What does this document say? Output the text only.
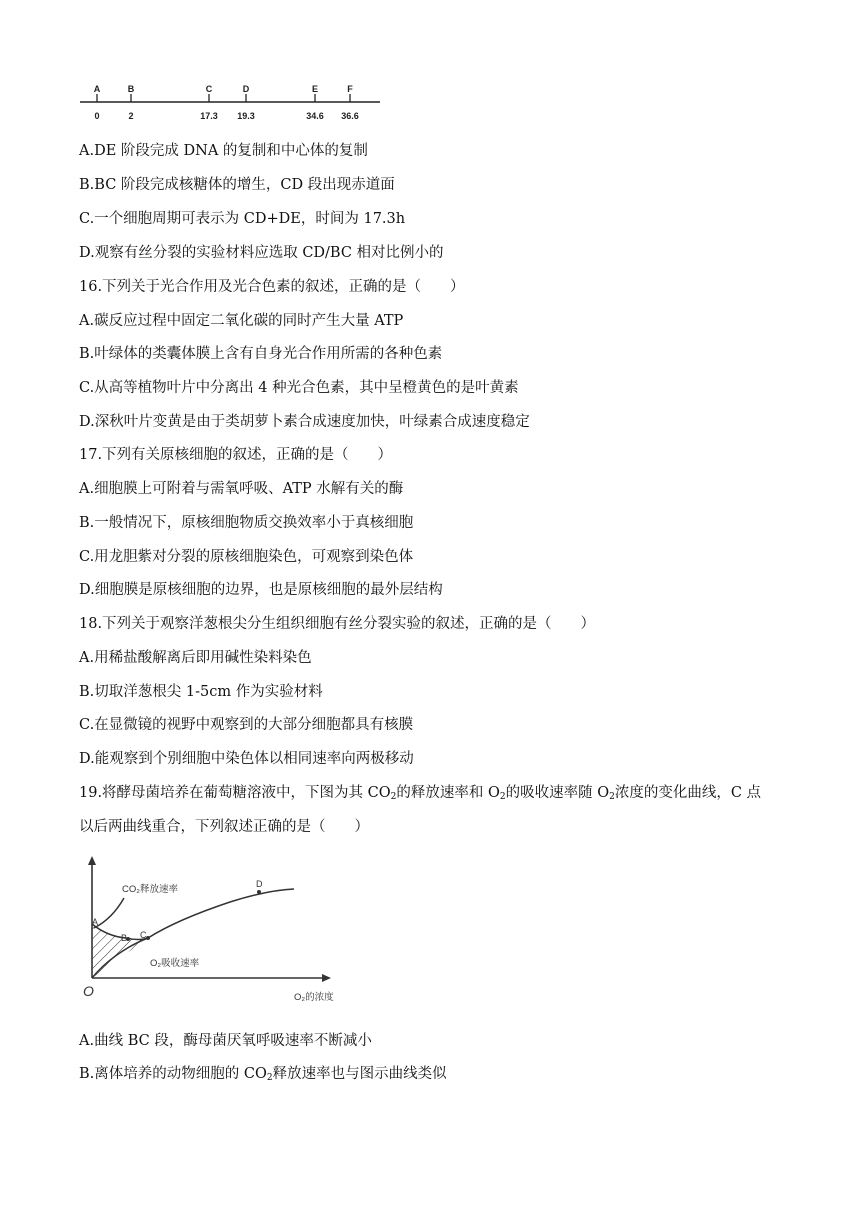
A
0
B
2
C
17.3
D
19.3
E
34.6
F
36.6
A.DE 阶段完成 DNA 的复制和中心体的复制
B.BC 阶段完成核糖体的增生，CD 段出现赤道面
C.一个细胞周期可表示为 CD+DE，时间为 17.3h
D.观察有丝分裂的实验材料应选取 CD/BC 相对比例小的
16.下列关于光合作用及光合色素的叙述，正确的是（　　）
A.碳反应过程中固定二氧化碳的同时产生大量 ATP
B.叶绿体的类囊体膜上含有自身光合作用所需的各种色素
C.从高等植物叶片中分离出 4 种光合色素，其中呈橙黄色的是叶黄素
D.深秋叶片变黄是由于类胡萝卜素合成速度加快，叶绿素合成速度稳定
17.下列有关原核细胞的叙述，正确的是（　　）
A.细胞膜上可附着与需氧呼吸、ATP 水解有关的酶
B.一般情况下，原核细胞物质交换效率小于真核细胞
C.用龙胆紫对分裂的原核细胞染色，可观察到染色体
D.细胞膜是原核细胞的边界，也是原核细胞的最外层结构
18.下列关于观察洋葱根尖分生组织细胞有丝分裂实验的叙述，正确的是（　　）
A.用稀盐酸解离后即用碱性染料染色
B.切取洋葱根尖 1-5cm 作为实验材料
C.在显微镜的视野中观察到的大部分细胞都具有核膜
D.能观察到个别细胞中染色体以相同速率向两极移动
19.将酵母菌培养在葡萄糖溶液中，下图为其 $CO_2$的释放速率和 $O_2$的吸收速率随 $O_2$浓度的变化曲线，C 点
以后两曲线重合，下列叙述正确的是（　　）
CO₂释放速率
O₂吸收速率
O₂的浓度
O
A
B C
D
A.曲线 BC 段，酶母菌厌氧呼吸速率不断减小
B.离体培养的动物细胞的 $CO_2$释放速率也与图示曲线类似
